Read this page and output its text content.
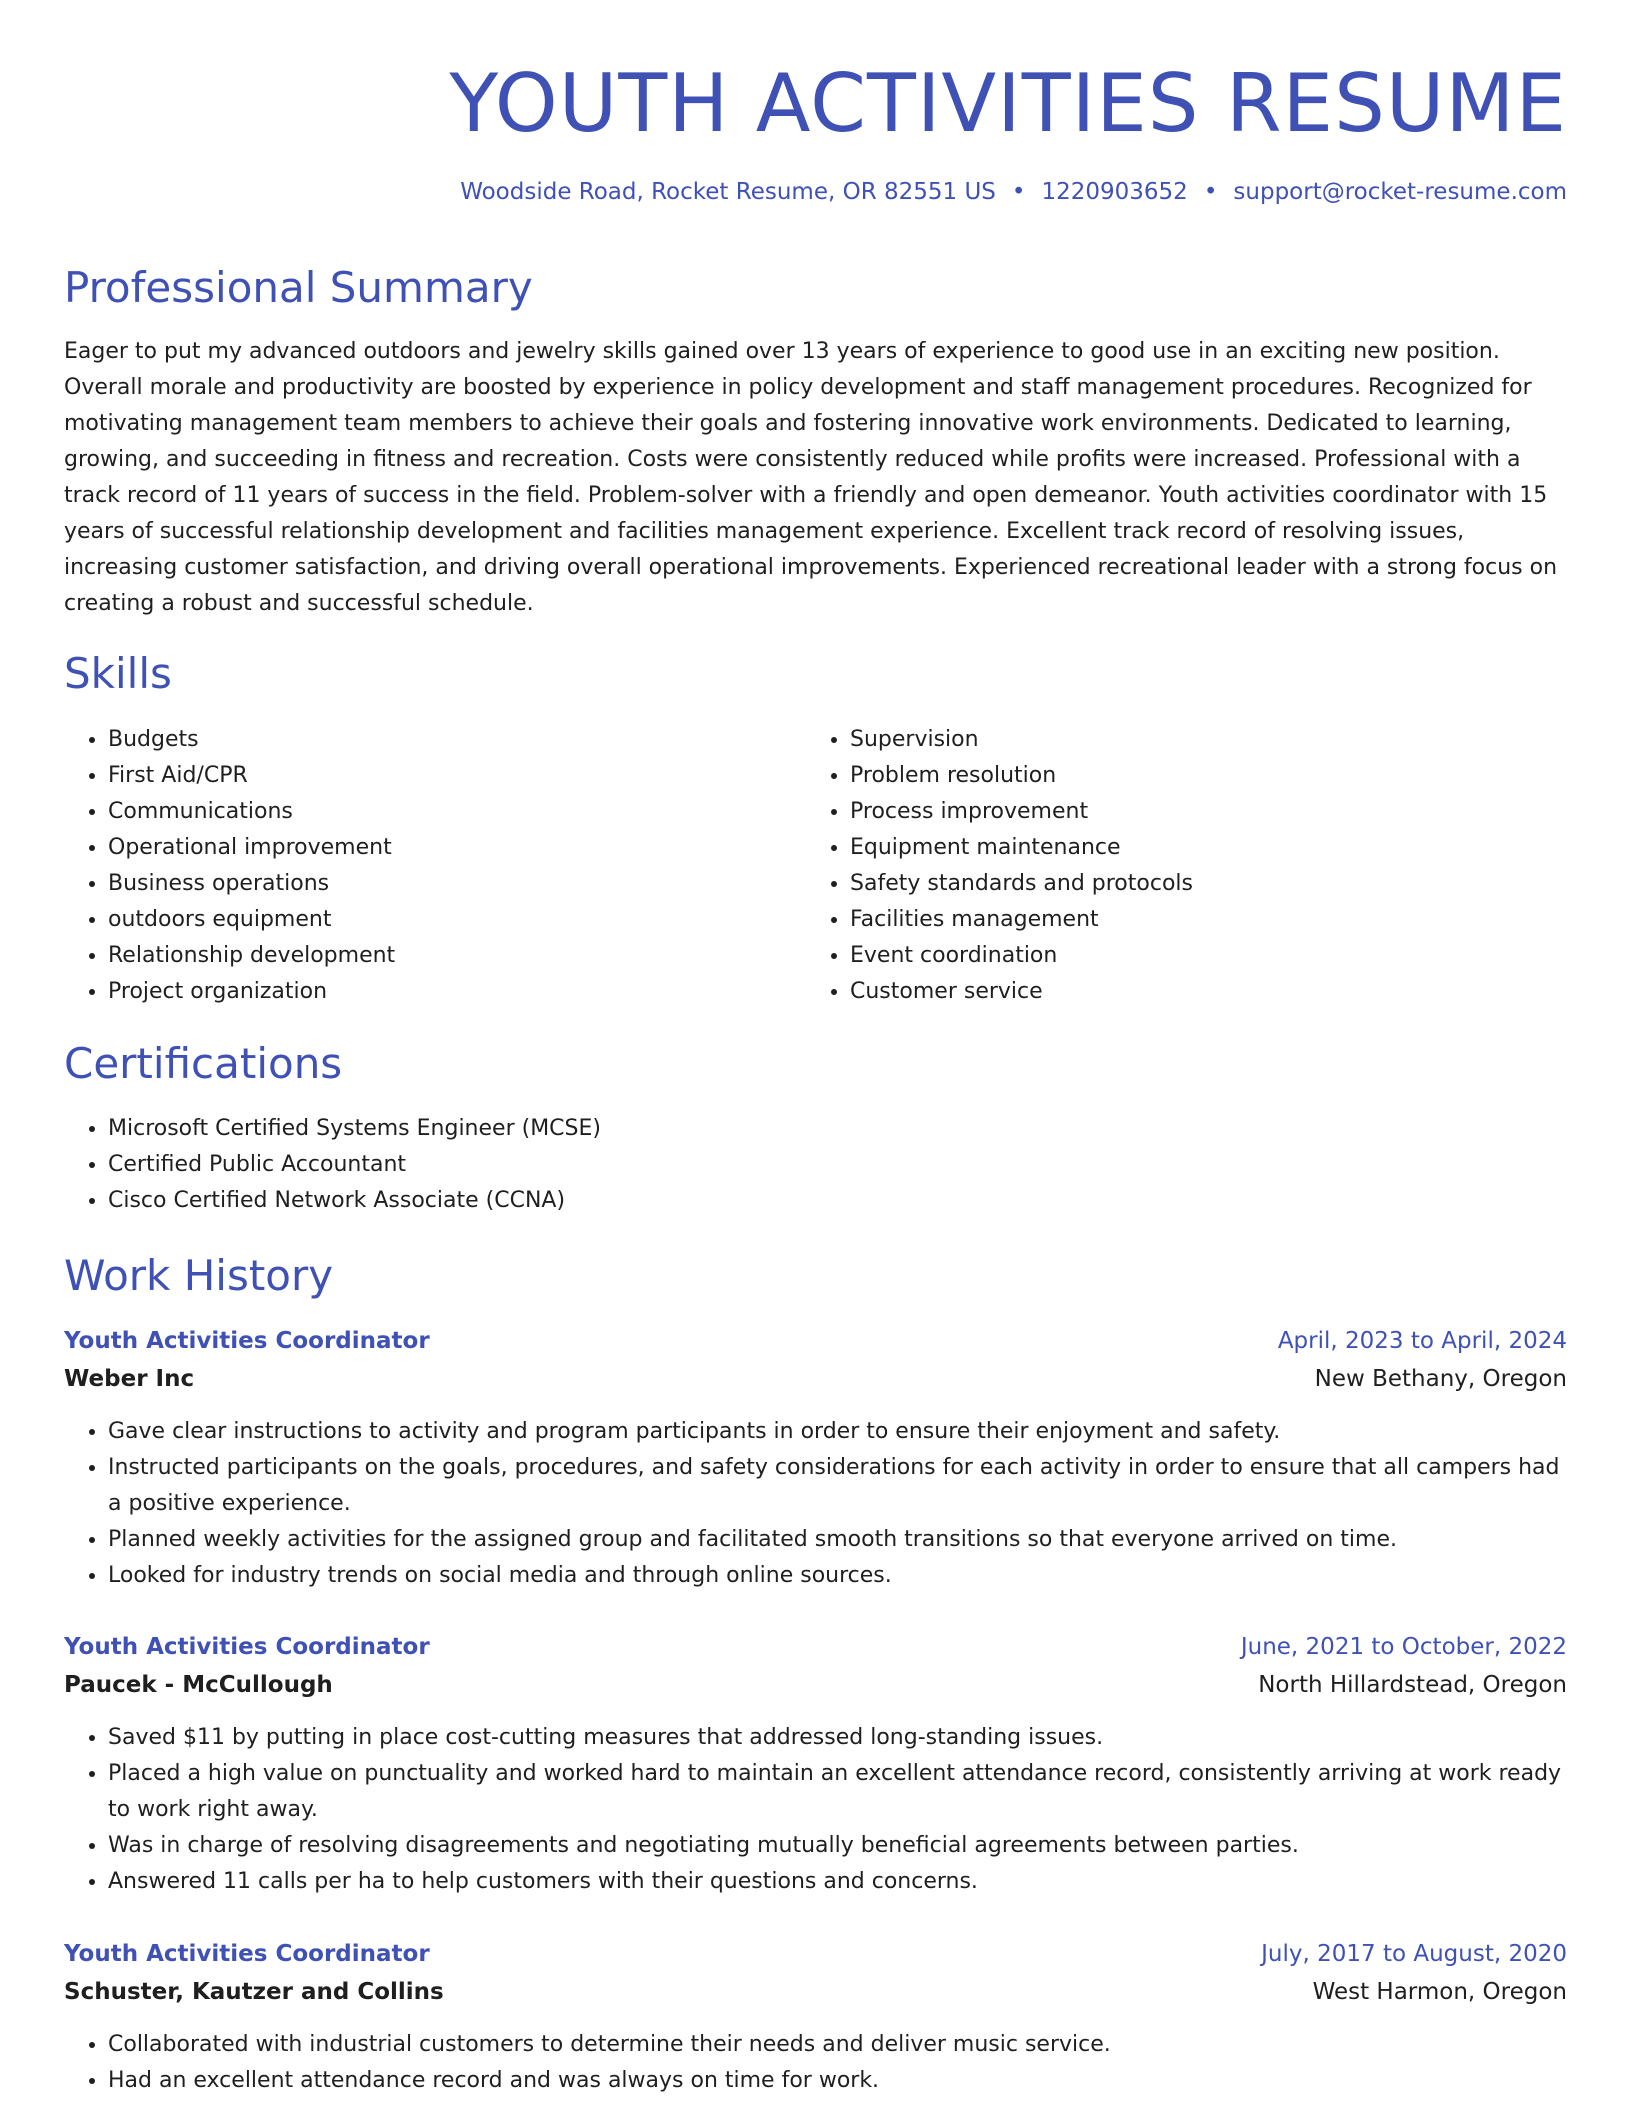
YOUTH ACTIVITIES RESUME
Woodside Road, Rocket Resume, OR 82551 US • 1220903652 • support@rocket-resume.com
Professional Summary

Eager to put my advanced outdoors and jewelry skills gained over 13 years of experience to good use in an exciting new position. Overall morale and productivity are boosted by experience in policy development and staff management procedures. Recognized for motivating management team members to achieve their goals and fostering innovative work environments. Dedicated to learning, growing, and succeeding in fitness and recreation. Costs were consistently reduced while profits were increased. Professional with a track record of 11 years of success in the field. Problem-solver with a friendly and open demeanor. Youth activities coordinator with 15 years of successful relationship development and facilities management experience. Excellent track record of resolving issues, increasing customer satisfaction, and driving overall operational improvements. Experienced recreational leader with a strong focus on creating a robust and successful schedule.

Skills
• Budgets
• First Aid/CPR
• Communications
• Operational improvement
• Business operations
• outdoors equipment
• Relationship development
• Project organization
• Supervision
• Problem resolution
• Process improvement
• Equipment maintenance
• Safety standards and protocols
• Facilities management
• Event coordination
• Customer service
Certifications
• Microsoft Certified Systems Engineer (MCSE)
• Certified Public Accountant
• Cisco Certified Network Associate (CCNA)
Work History
Youth Activities Coordinator	April, 2023 to April, 2024
Weber Inc	New Bethany, Oregon
• Gave clear instructions to activity and program participants in order to ensure their enjoyment and safety.
• Instructed participants on the goals, procedures, and safety considerations for each activity in order to ensure that all campers had a positive experience.
• Planned weekly activities for the assigned group and facilitated smooth transitions so that everyone arrived on time.
• Looked for industry trends on social media and through online sources.
Youth Activities Coordinator	June, 2021 to October, 2022
Paucek - McCullough	North Hillardstead, Oregon
• Saved $11 by putting in place cost-cutting measures that addressed long-standing issues.
• Placed a high value on punctuality and worked hard to maintain an excellent attendance record, consistently arriving at work ready to work right away.
• Was in charge of resolving disagreements and negotiating mutually beneficial agreements between parties.
• Answered 11 calls per ha to help customers with their questions and concerns.
Youth Activities Coordinator	July, 2017 to August, 2020
Schuster, Kautzer and Collins	West Harmon, Oregon
• Collaborated with industrial customers to determine their needs and deliver music service.
• Had an excellent attendance record and was always on time for work.
